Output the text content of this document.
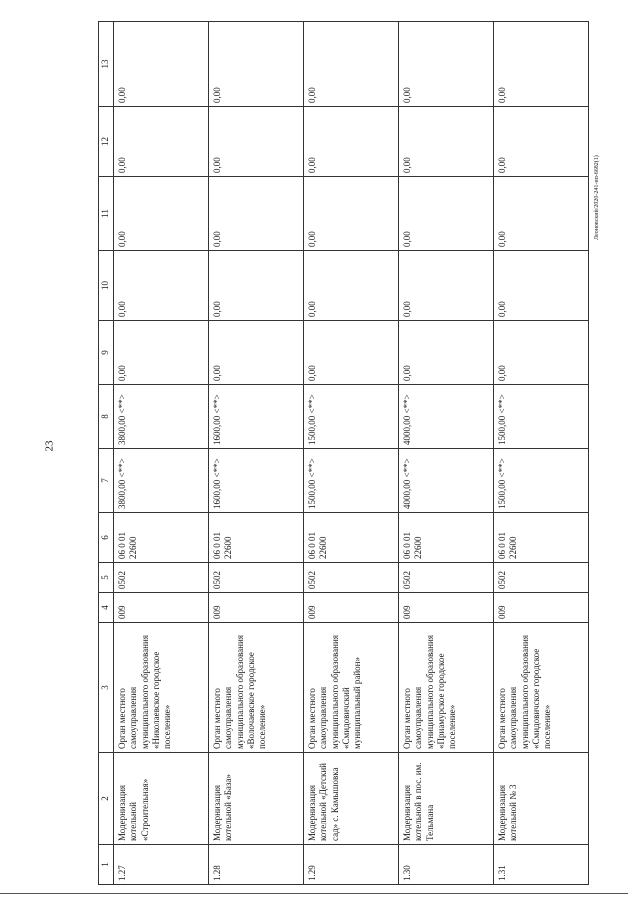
23
Леоновский/2020-241-нп-6682(1)
1	2	3	4	5	6	7	8	9	10	11	12	13
1.27	Модернизация котельной «Строительная»	Орган местного самоуправления муниципального образования «Николаевское городское поселение»	009	0502	06 0 01 22600	3800,00 <**>	3800,00 <**>	0,00	0,00	0,00	0,00	0,00
1.28	Модернизация котельной «База»	Орган местного самоуправления муниципального образования «Волочаевское городское поселение»	009	0502	06 0 01 22600	1600,00 <**>	1600,00 <**>	0,00	0,00	0,00	0,00	0,00
1.29	Модернизация котельной «Детский сад» с. Камышовка	Орган местного самоуправления муниципального образования «Смидовичский муниципальный район»	009	0502	06 0 01 22600	1500,00 <**>	1500,00 <**>	0,00	0,00	0,00	0,00	0,00
1.30	Модернизация котельной в пос. им. Тельмана	Орган местного самоуправления муниципального образования «Приамурское городское поселение»	009	0502	06 0 01 22600	4000,00 <**>	4000,00 <**>	0,00	0,00	0,00	0,00	0,00
1.31	Модернизация котельной № 3	Орган местного самоуправления муниципального образования «Смидовичское городское поселение»	009	0502	06 0 01 22600	1500,00 <**>	1500,00 <**>	0,00	0,00	0,00	0,00	0,00
